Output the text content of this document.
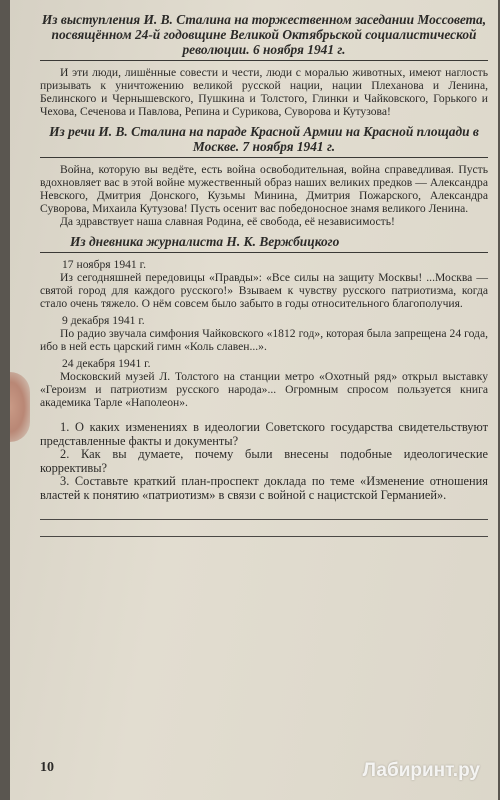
Из выступления И. В. Сталина на торжественном заседании Моссовета, посвящённом 24-й годовщине Великой Октябрьской социалистической революции. 6 ноября 1941 г.

И эти люди, лишённые совести и чести, люди с моралью животных, имеют наглость призывать к уничтожению великой русской нации, нации Плеханова и Ленина, Белинского и Чернышевского, Пушкина и Толстого, Глинки и Чайковского, Горького и Чехова, Сеченова и Павлова, Репина и Сурикова, Суворова и Кутузова!

Из речи И. В. Сталина на параде Красной Армии на Красной площади в Москве. 7 ноября 1941 г.

Война, которую вы ведёте, есть война освободительная, война справедливая. Пусть вдохновляет вас в этой войне мужественный образ наших великих предков — Александра Невского, Дмитрия Донского, Кузьмы Минина, Дмитрия Пожарского, Александра Суворова, Михаила Кутузова! Пусть осенит вас победоносное знамя великого Ленина.

Да здравствует наша славная Родина, её свобода, её независимость!

Из дневника журналиста Н. К. Вержбицкого
17 ноября 1941 г.

Из сегодняшней передовицы «Правды»: «Все силы на защиту Москвы! ...Москва — святой город для каждого русского!» Взываем к чувству русского патриотизма, когда стало очень тяжело. О нём совсем было забыто в годы относительного благополучия.

9 декабря 1941 г.

По радио звучала симфония Чайковского «1812 год», которая была запрещена 24 года, ибо в ней есть царский гимн «Коль славен...».

24 декабря 1941 г.

Московский музей Л. Толстого на станции метро «Охотный ряд» открыл выставку «Героизм и патриотизм русского народа»... Огромным спросом пользуется книга академика Тарле «Наполеон».

1. О каких изменениях в идеологии Советского государства свидетельствуют представленные факты и документы?

2. Как вы думаете, почему были внесены подобные идеологические коррективы?

3. Составьте краткий план-проспект доклада по теме «Изменение отношения властей к понятию «патриотизм» в связи с войной с нацистской Германией».

10	Лабиринт.ру
